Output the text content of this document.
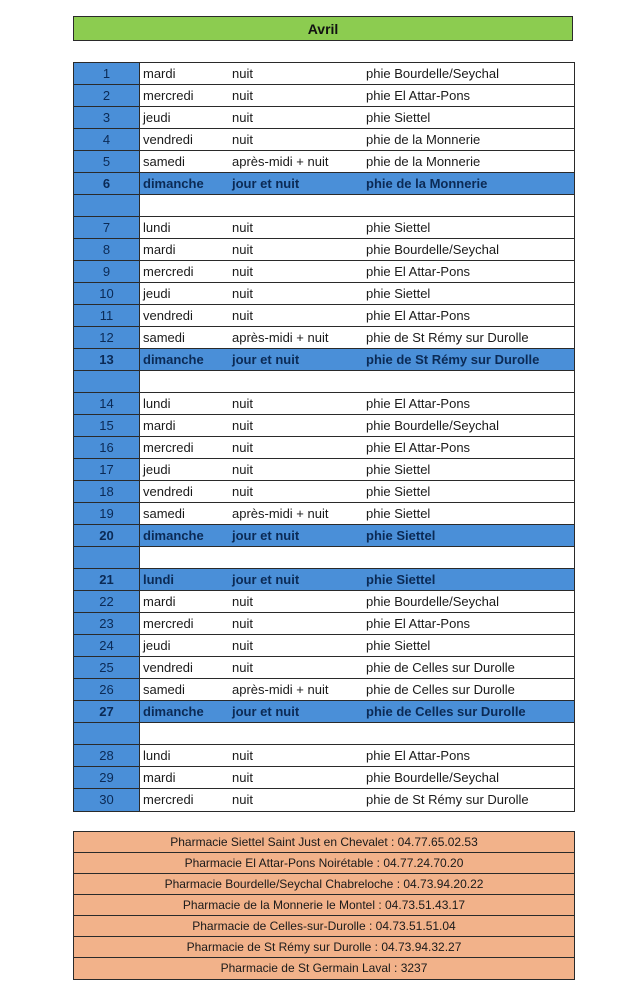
Avril
1	mardi	nuit	phie Bourdelle/Seychal
2	mercredi	nuit	phie El Attar-Pons
3	jeudi	nuit	phie Siettel
4	vendredi	nuit	phie de la Monnerie
5	samedi	après-midi + nuit	phie de la Monnerie
6	dimanche	jour et nuit	phie de la Monnerie
7	lundi	nuit	phie Siettel
8	mardi	nuit	phie Bourdelle/Seychal
9	mercredi	nuit	phie El Attar-Pons
10	jeudi	nuit	phie Siettel
11	vendredi	nuit	phie El Attar-Pons
12	samedi	après-midi + nuit	phie de St Rémy sur Durolle
13	dimanche	jour et nuit	phie de St Rémy sur Durolle
14	lundi	nuit	phie El Attar-Pons
15	mardi	nuit	phie Bourdelle/Seychal
16	mercredi	nuit	phie El Attar-Pons
17	jeudi	nuit	phie Siettel
18	vendredi	nuit	phie Siettel
19	samedi	après-midi + nuit	phie Siettel
20	dimanche	jour et nuit	phie Siettel
21	lundi	jour et nuit	phie Siettel
22	mardi	nuit	phie Bourdelle/Seychal
23	mercredi	nuit	phie El Attar-Pons
24	jeudi	nuit	phie Siettel
25	vendredi	nuit	phie de Celles sur Durolle
26	samedi	après-midi + nuit	phie de Celles sur Durolle
27	dimanche	jour et nuit	phie de Celles sur Durolle
28	lundi	nuit	phie El Attar-Pons
29	mardi	nuit	phie Bourdelle/Seychal
30	mercredi	nuit	phie de St Rémy sur Durolle
Pharmacie Siettel Saint Just en Chevalet : 04.77.65.02.53
Pharmacie El Attar-Pons Noirétable : 04.77.24.70.20
Pharmacie Bourdelle/Seychal Chabreloche : 04.73.94.20.22
Pharmacie de la Monnerie le Montel : 04.73.51.43.17
Pharmacie de Celles-sur-Durolle : 04.73.51.51.04
Pharmacie de St Rémy sur Durolle : 04.73.94.32.27
Pharmacie de St Germain Laval : 3237
